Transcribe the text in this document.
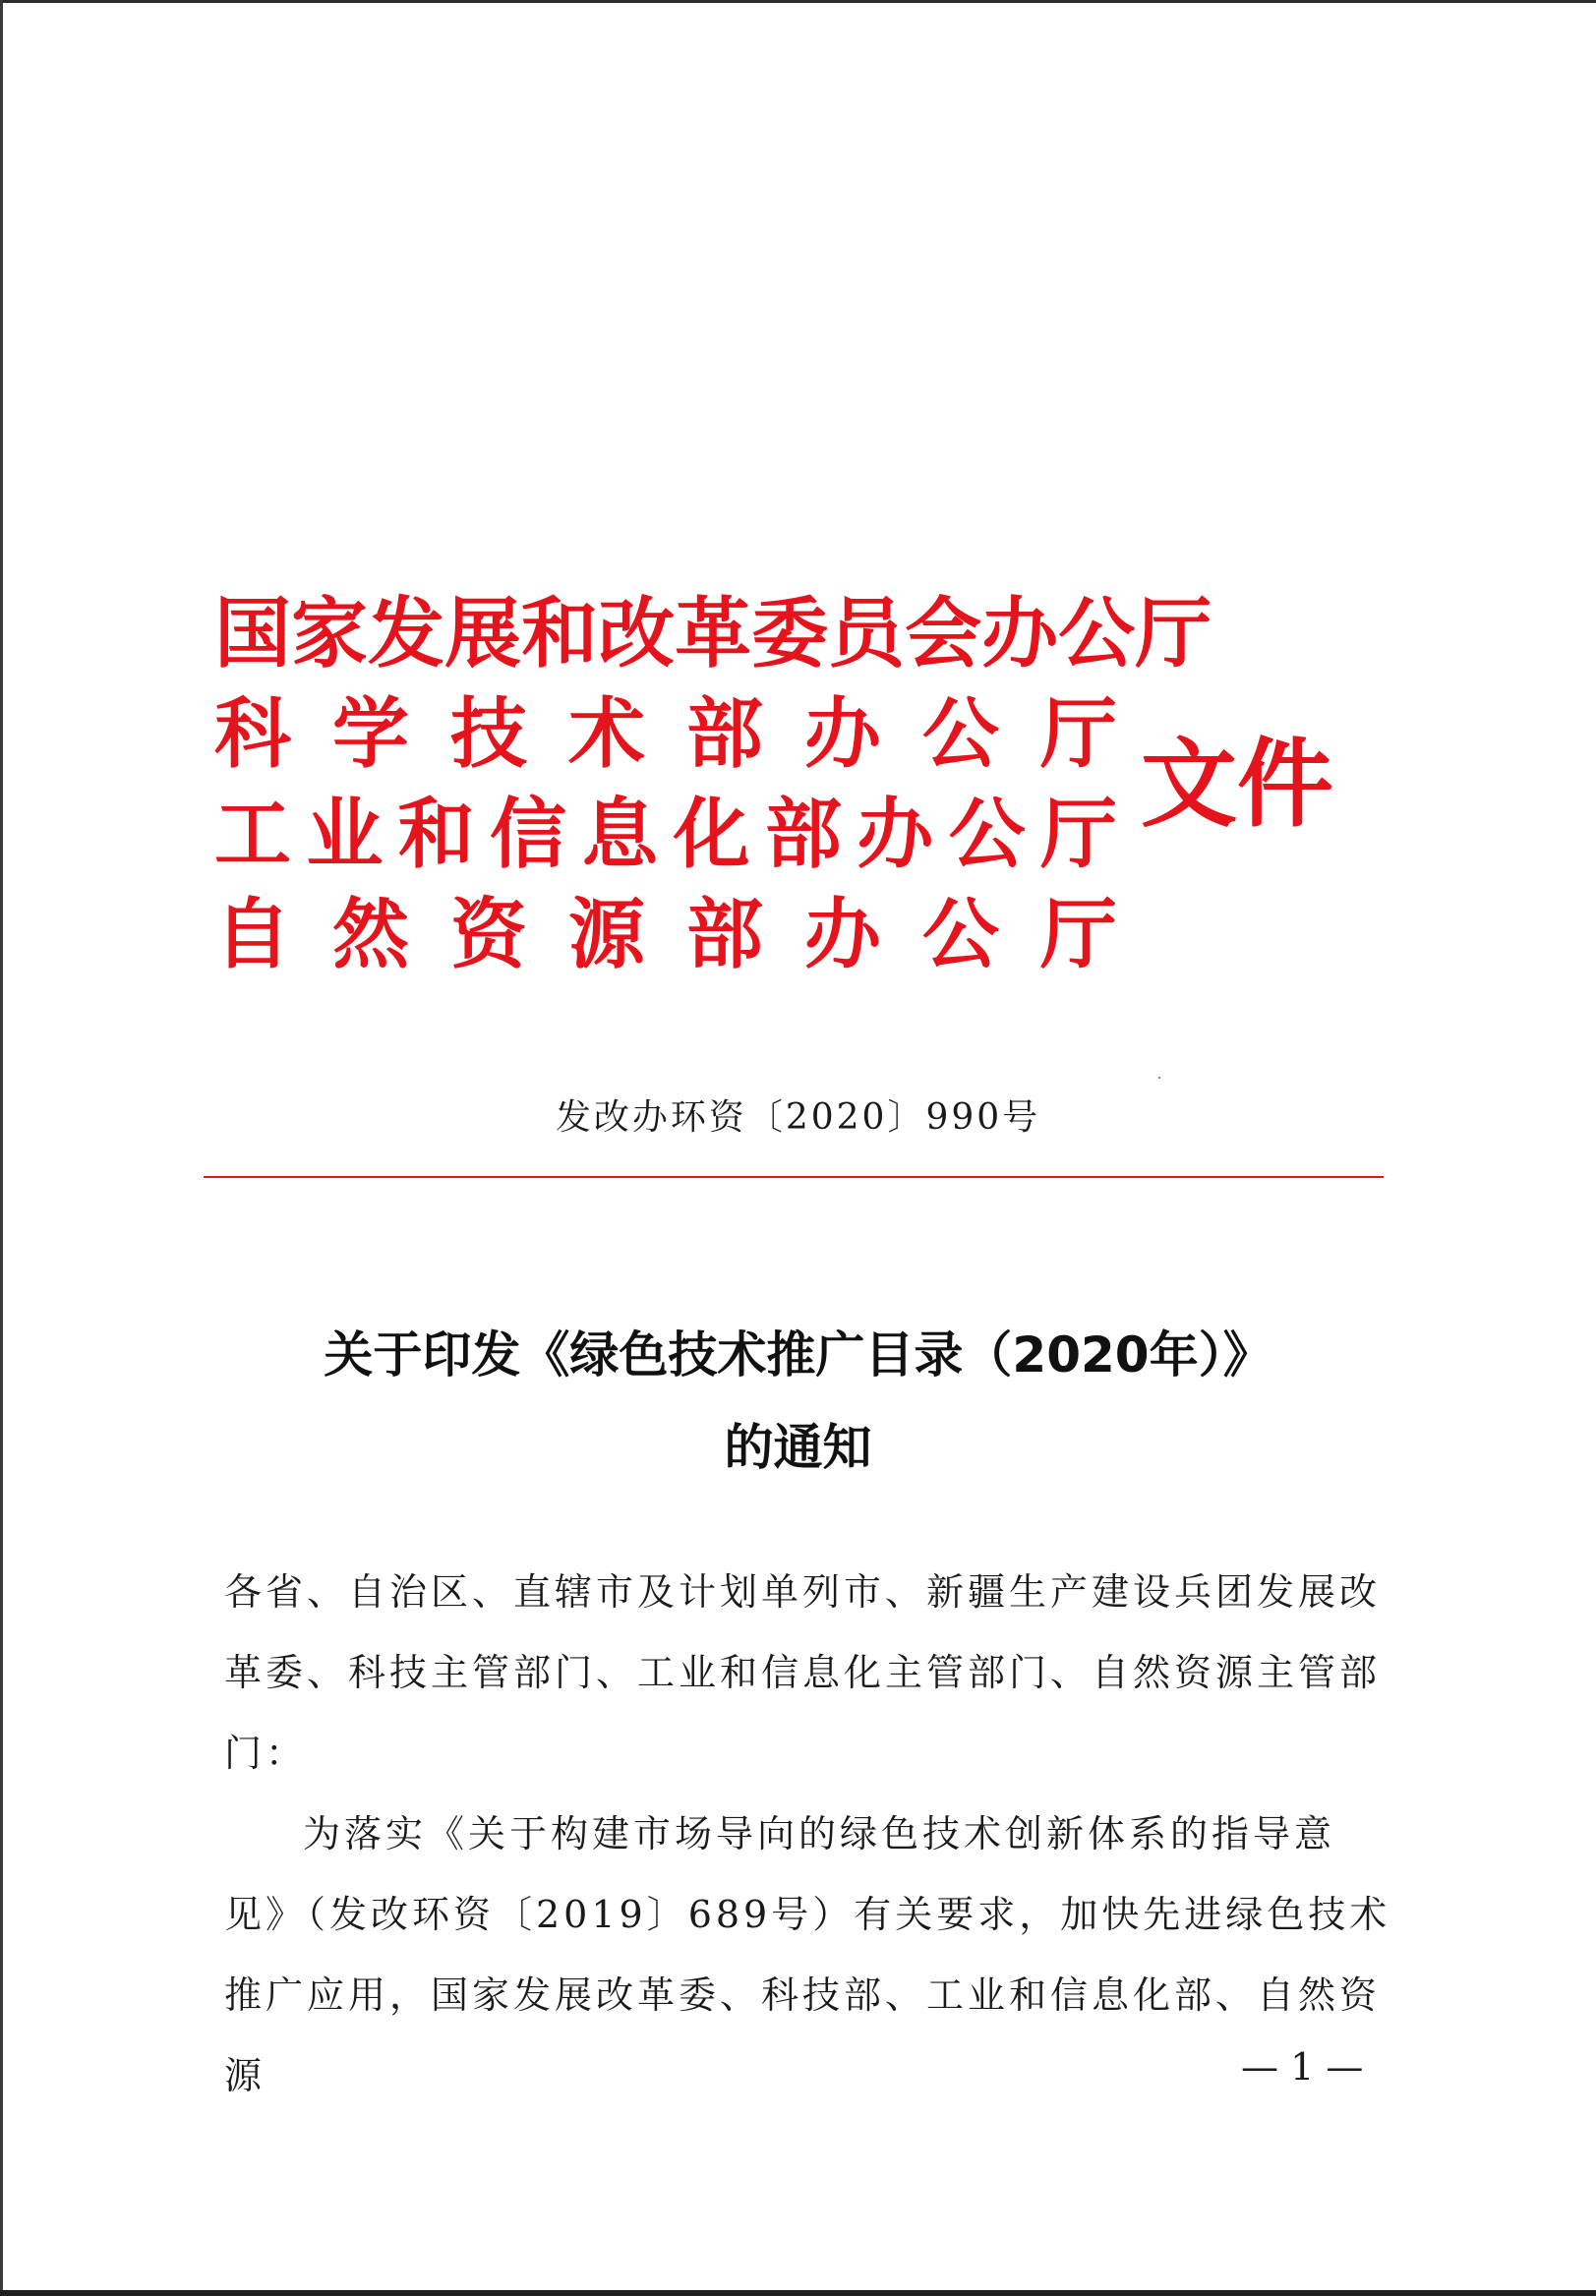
国 家 发 展 和 改 革 委 员 会 办 公 厅
科 学 技 术 部 办 公 厅
工 业 和 信 息 化 部 办 公 厅
自 然 资 源 部 办 公 厅
文件
发改办环资〔2020〕990号
关于印发《绿色技术推广目录（2020年）》
的通知
各省、自治区、直辖市及计划单列市、新疆生产建设兵团发展改革委、科技主管部门、工业和信息化主管部门、自然资源主管部门：
为落实《关于构建市场导向的绿色技术创新体系的指导意见》（发改环资〔2019〕689号）有关要求，加快先进绿色技术推广应用，国家发展改革委、科技部、工业和信息化部、自然资源	— 1 —
